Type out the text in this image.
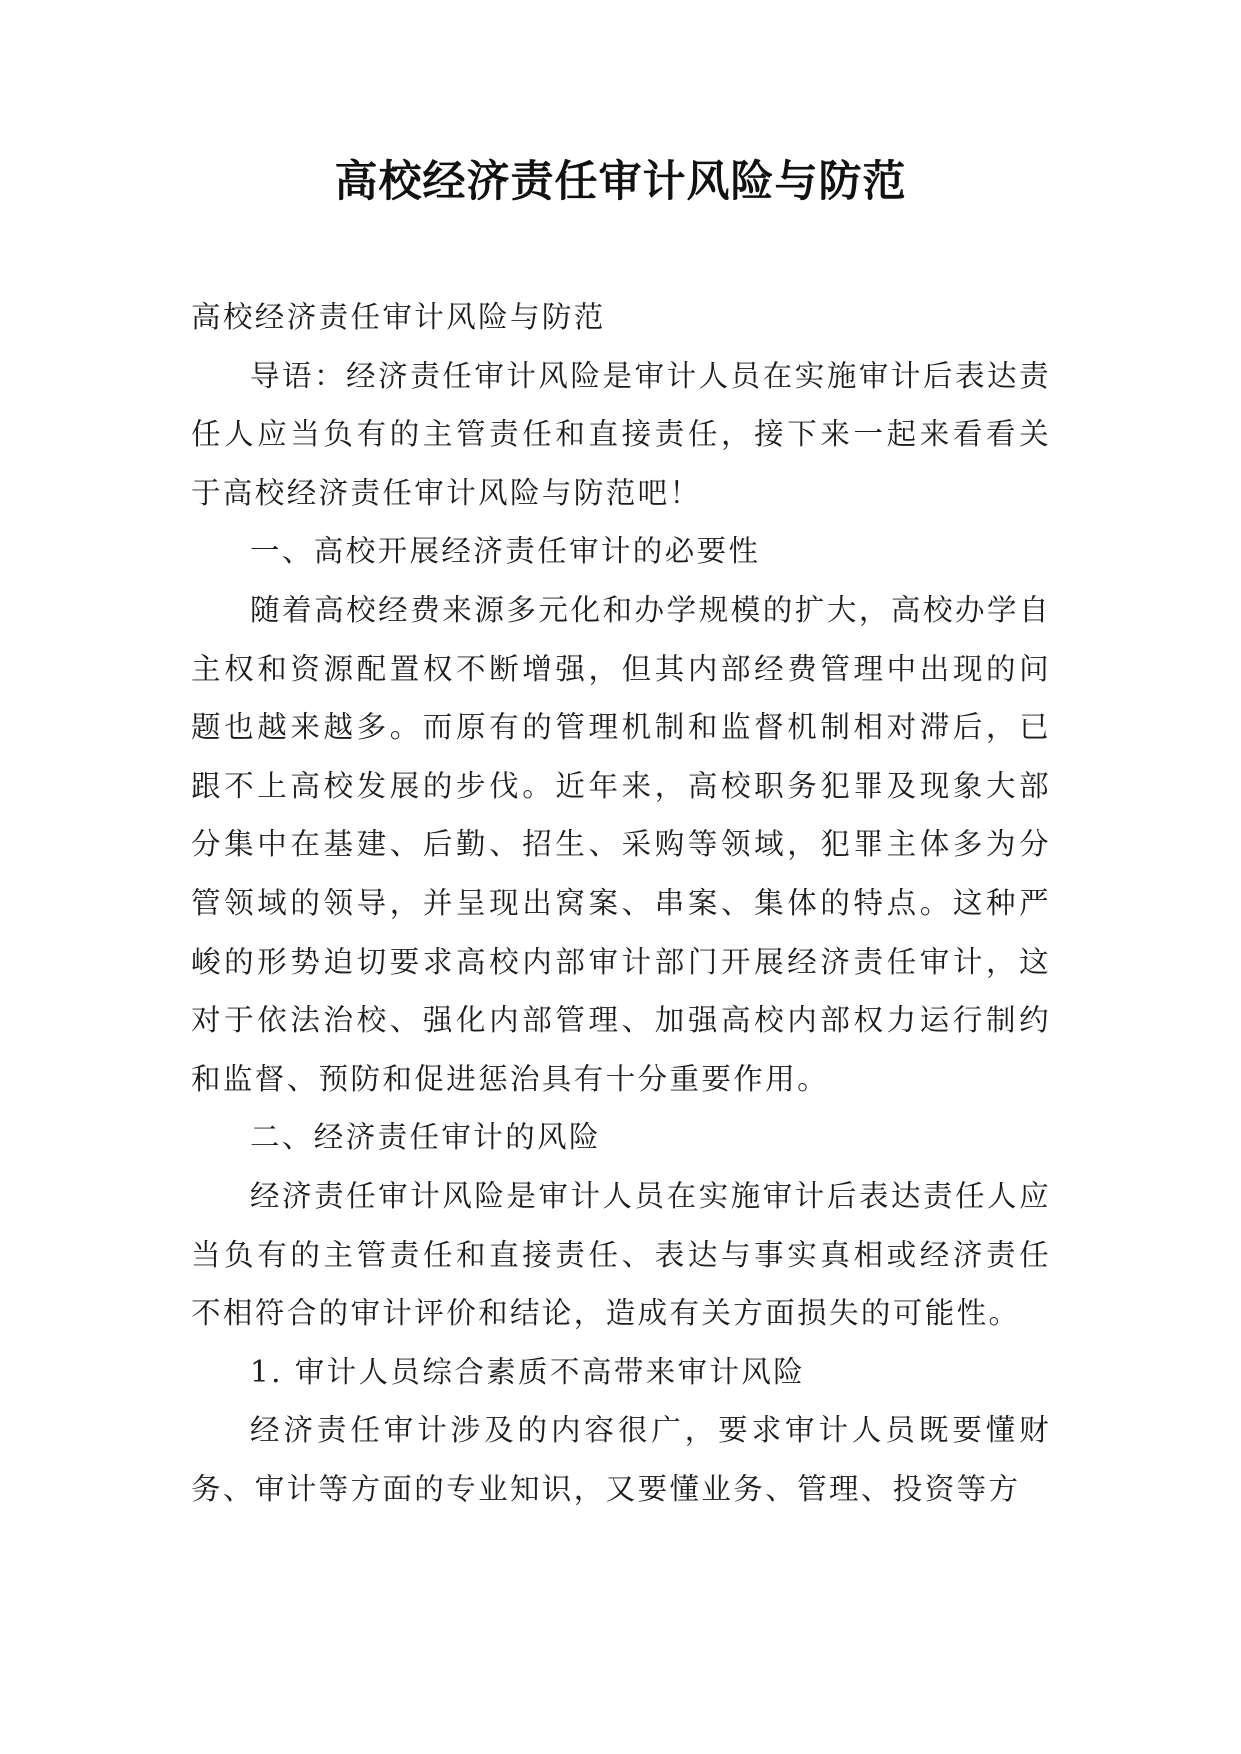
高校经济责任审计风险与防范

高校经济责任审计风险与防范

导语：经济责任审计风险是审计人员在实施审计后表达责任人应当负有的主管责任和直接责任，接下来一起来看看关于高校经济责任审计风险与防范吧！

一、高校开展经济责任审计的必要性

随着高校经费来源多元化和办学规模的扩大，高校办学自主权和资源配置权不断增强，但其内部经费管理中出现的问题也越来越多。而原有的管理机制和监督机制相对滞后，已跟不上高校发展的步伐。近年来，高校职务犯罪及现象大部分集中在基建、后勤、招生、采购等领域，犯罪主体多为分管领域的领导，并呈现出窝案、串案、集体的特点。这种严峻的形势迫切要求高校内部审计部门开展经济责任审计，这对于依法治校、强化内部管理、加强高校内部权力运行制约和监督、预防和促进惩治具有十分重要作用。

二、经济责任审计的风险

经济责任审计风险是审计人员在实施审计后表达责任人应当负有的主管责任和直接责任、表达与事实真相或经济责任不相符合的审计评价和结论，造成有关方面损失的可能性。

1. 审计人员综合素质不高带来审计风险

经济责任审计涉及的内容很广，要求审计人员既要懂财务、审计等方面的专业知识，又要懂业务、管理、投资等方
